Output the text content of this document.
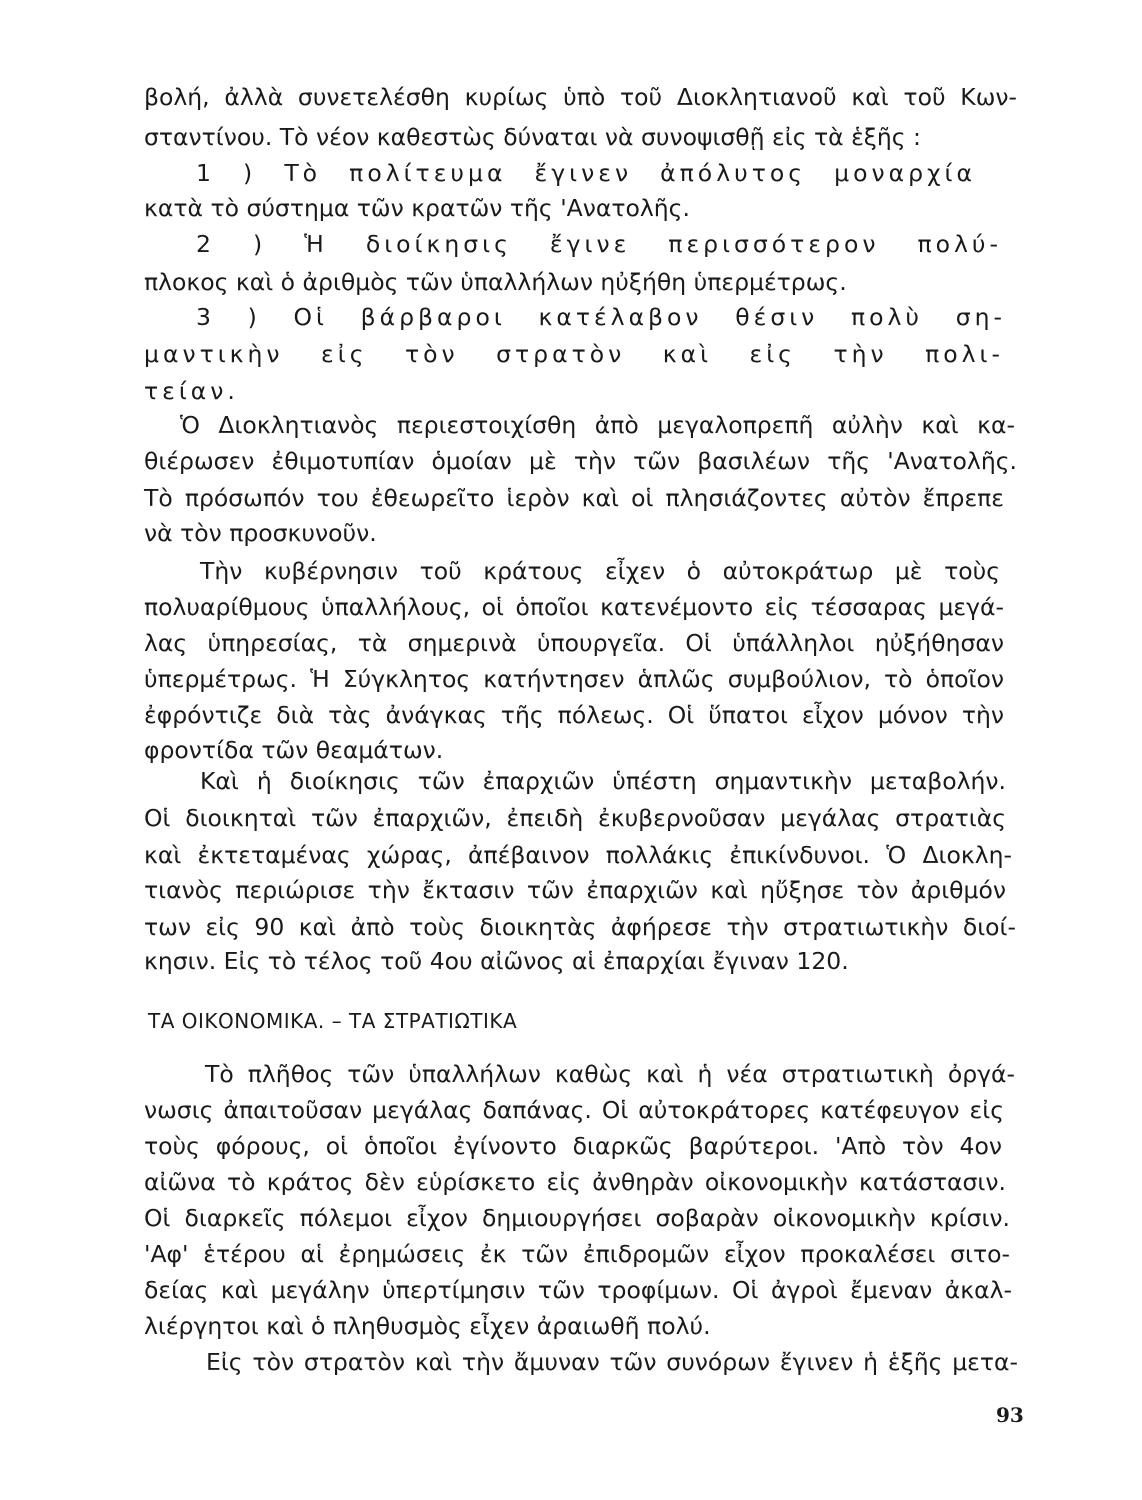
βολή, ἀλλὰ συνετελέσθη κυρίως ὑπὸ τοῦ Διοκλητιανοῦ καὶ τοῦ Κων-
σταντίνου. Τὸ νέον καθεστὼς δύναται νὰ συνοψισθῇ εἰς τὰ ἑξῆς :
1 ) Τὸ πολίτευμα ἔγινεν ἀπόλυτος μοναρχία
κατὰ τὸ σύστημα τῶν κρατῶν τῆς 'Ανατολῆς.
2 ) Ἡ διοίκησις ἔγινε περισσότερον πολύ-
πλοκος καὶ ὁ ἀριθμὸς τῶν ὑπαλλήλων ηὐξήθη ὑπερμέτρως.
3 ) Οἱ βάρβαροι κατέλαβον θέσιν πολὺ ση-
μαντικὴν εἰς τὸν στρατὸν καὶ εἰς τὴν πολι-
τείαν.
Ὁ Διοκλητιανὸς περιεστοιχίσθη ἀπὸ μεγαλοπρεπῆ αὐλὴν καὶ κα-
θιέρωσεν ἐθιμοτυπίαν ὁμοίαν μὲ τὴν τῶν βασιλέων τῆς 'Ανατολῆς.
Τὸ πρόσωπόν του ἐθεωρεῖτο ἱερὸν καὶ οἱ πλησιάζοντες αὐτὸν ἔπρεπε
νὰ τὸν προσκυνοῦν.
Τὴν κυβέρνησιν τοῦ κράτους εἶχεν ὁ αὐτοκράτωρ μὲ τοὺς
πολυαρίθμους ὑπαλλήλους, οἱ ὁποῖοι κατενέμοντο εἰς τέσσαρας μεγά-
λας ὑπηρεσίας, τὰ σημερινὰ ὑπουργεῖα. Οἱ ὑπάλληλοι ηὐξήθησαν
ὑπερμέτρως. Ἡ Σύγκλητος κατήντησεν ἁπλῶς συμβούλιον, τὸ ὁποῖον
ἐφρόντιζε διὰ τὰς ἀνάγκας τῆς πόλεως. Οἱ ὕπατοι εἶχον μόνον τὴν
φροντίδα τῶν θεαμάτων.
Καὶ ἡ διοίκησις τῶν ἐπαρχιῶν ὑπέστη σημαντικὴν μεταβολήν.
Οἱ διοικηταὶ τῶν ἐπαρχιῶν, ἐπειδὴ ἐκυβερνοῦσαν μεγάλας στρατιὰς
καὶ ἐκτεταμένας χώρας, ἀπέβαινον πολλάκις ἐπικίνδυνοι. Ὁ Διοκλη-
τιανὸς περιώρισε τὴν ἔκτασιν τῶν ἐπαρχιῶν καὶ ηὔξησε τὸν ἀριθμόν
των εἰς 90 καὶ ἀπὸ τοὺς διοικητὰς ἀφήρεσε τὴν στρατιωτικὴν διοί-
κησιν. Εἰς τὸ τέλος τοῦ 4ου αἰῶνος αἱ ἐπαρχίαι ἔγιναν 120.
ΤΑ ΟΙΚΟΝΟΜΙΚΑ. – ΤΑ ΣΤΡΑΤΙΩΤΙΚΑ
Τὸ πλῆθος τῶν ὑπαλλήλων καθὼς καὶ ἡ νέα στρατιωτικὴ ὀργά-
νωσις ἀπαιτοῦσαν μεγάλας δαπάνας. Οἱ αὐτοκράτορες κατέφευγον εἰς
τοὺς φόρους, οἱ ὁποῖοι ἐγίνοντο διαρκῶς βαρύτεροι. 'Απὸ τὸν 4ον
αἰῶνα τὸ κράτος δὲν εὑρίσκετο εἰς ἀνθηρὰν οἰκονομικὴν κατάστασιν.
Οἱ διαρκεῖς πόλεμοι εἶχον δημιουργήσει σοβαρὰν οἰκονομικὴν κρίσιν.
'Αφ' ἑτέρου αἱ ἐρημώσεις ἐκ τῶν ἐπιδρομῶν εἶχον προκαλέσει σιτο-
δείας καὶ μεγάλην ὑπερτίμησιν τῶν τροφίμων. Οἱ ἀγροὶ ἔμεναν ἀκαλ-
λιέργητοι καὶ ὁ πληθυσμὸς εἶχεν ἀραιωθῆ πολύ.
Εἰς τὸν στρατὸν καὶ τὴν ἄμυναν τῶν συνόρων ἔγινεν ἡ ἑξῆς μετα-
93
